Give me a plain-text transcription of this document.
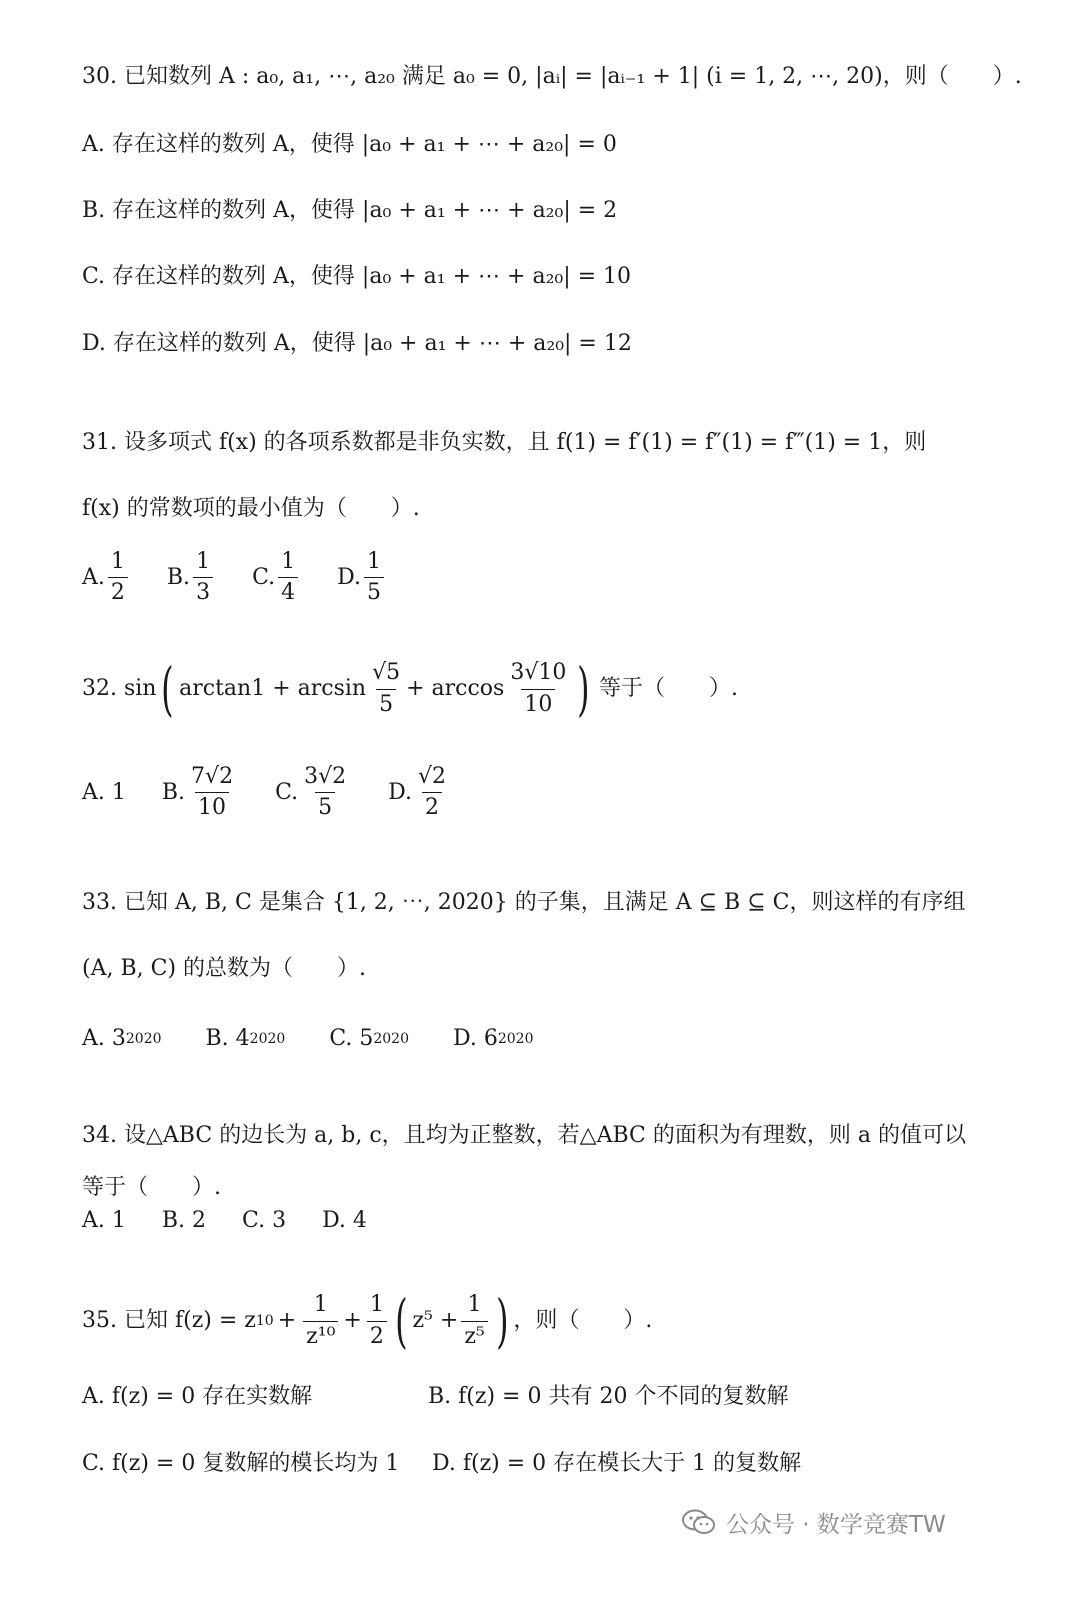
30. 已知数列 A : a₀, a₁, ⋯, a₂₀ 满足 a₀ = 0, |aᵢ| = |aᵢ₋₁ + 1| (i = 1, 2, ⋯, 20)，则（　　）.
A. 存在这样的数列 A，使得 |a₀ + a₁ + ⋯ + a₂₀| = 0
B. 存在这样的数列 A，使得 |a₀ + a₁ + ⋯ + a₂₀| = 2
C. 存在这样的数列 A，使得 |a₀ + a₁ + ⋯ + a₂₀| = 10
D. 存在这样的数列 A，使得 |a₀ + a₁ + ⋯ + a₂₀| = 12
31. 设多项式 f(x) 的各项系数都是非负实数，且 f(1) = f′(1) = f″(1) = f‴(1) = 1，则
f(x) 的常数项的最小值为（　　）.
A. $\frac{1}{2} B$. $\frac{1}{3} C$. $\frac{1}{4} D$. $\frac{1}{5}$
32. sin ( $\arctan 1 + \arcsin \frac{√5}{5} + \arccos \frac{3√10}{10}$ ) 等于（　　）.
A. 1 B. $\frac{7√2}{10} C$. $\frac{3√2}{5} D$. $\frac{√2}{2}$
33. 已知 A, B, C 是集合 {1, 2, ⋯, 2020} 的子集，且满足 A ⊆ B ⊆ C，则这样的有序组
(A, B, C) 的总数为（　　）.
A. 3 2020 B. 4 2020 C. 5 2020 D. 6 2020
34. 设△ABC 的边长为 a, b, c，且均为正整数，若△ABC 的面积为有理数，则 a 的值可以
等于（　　）.
A. 1 B. 2 C. 3 D. 4
35. 已知 f(z) = z $10 + \frac{1}{\text{z¹⁰}} + \frac{1}{2}$ ( $z^5 + \frac{1}{\text{z⁵}}$ ) ，则（　　）.
A. f(z) = 0 存在实数解	B. f(z) = 0 共有 20 个不同的复数解
C. f(z) = 0 复数解的模长均为 1 D. f(z) = 0 存在模长大于 1 的复数解
公众号 · 数学竞赛TW
